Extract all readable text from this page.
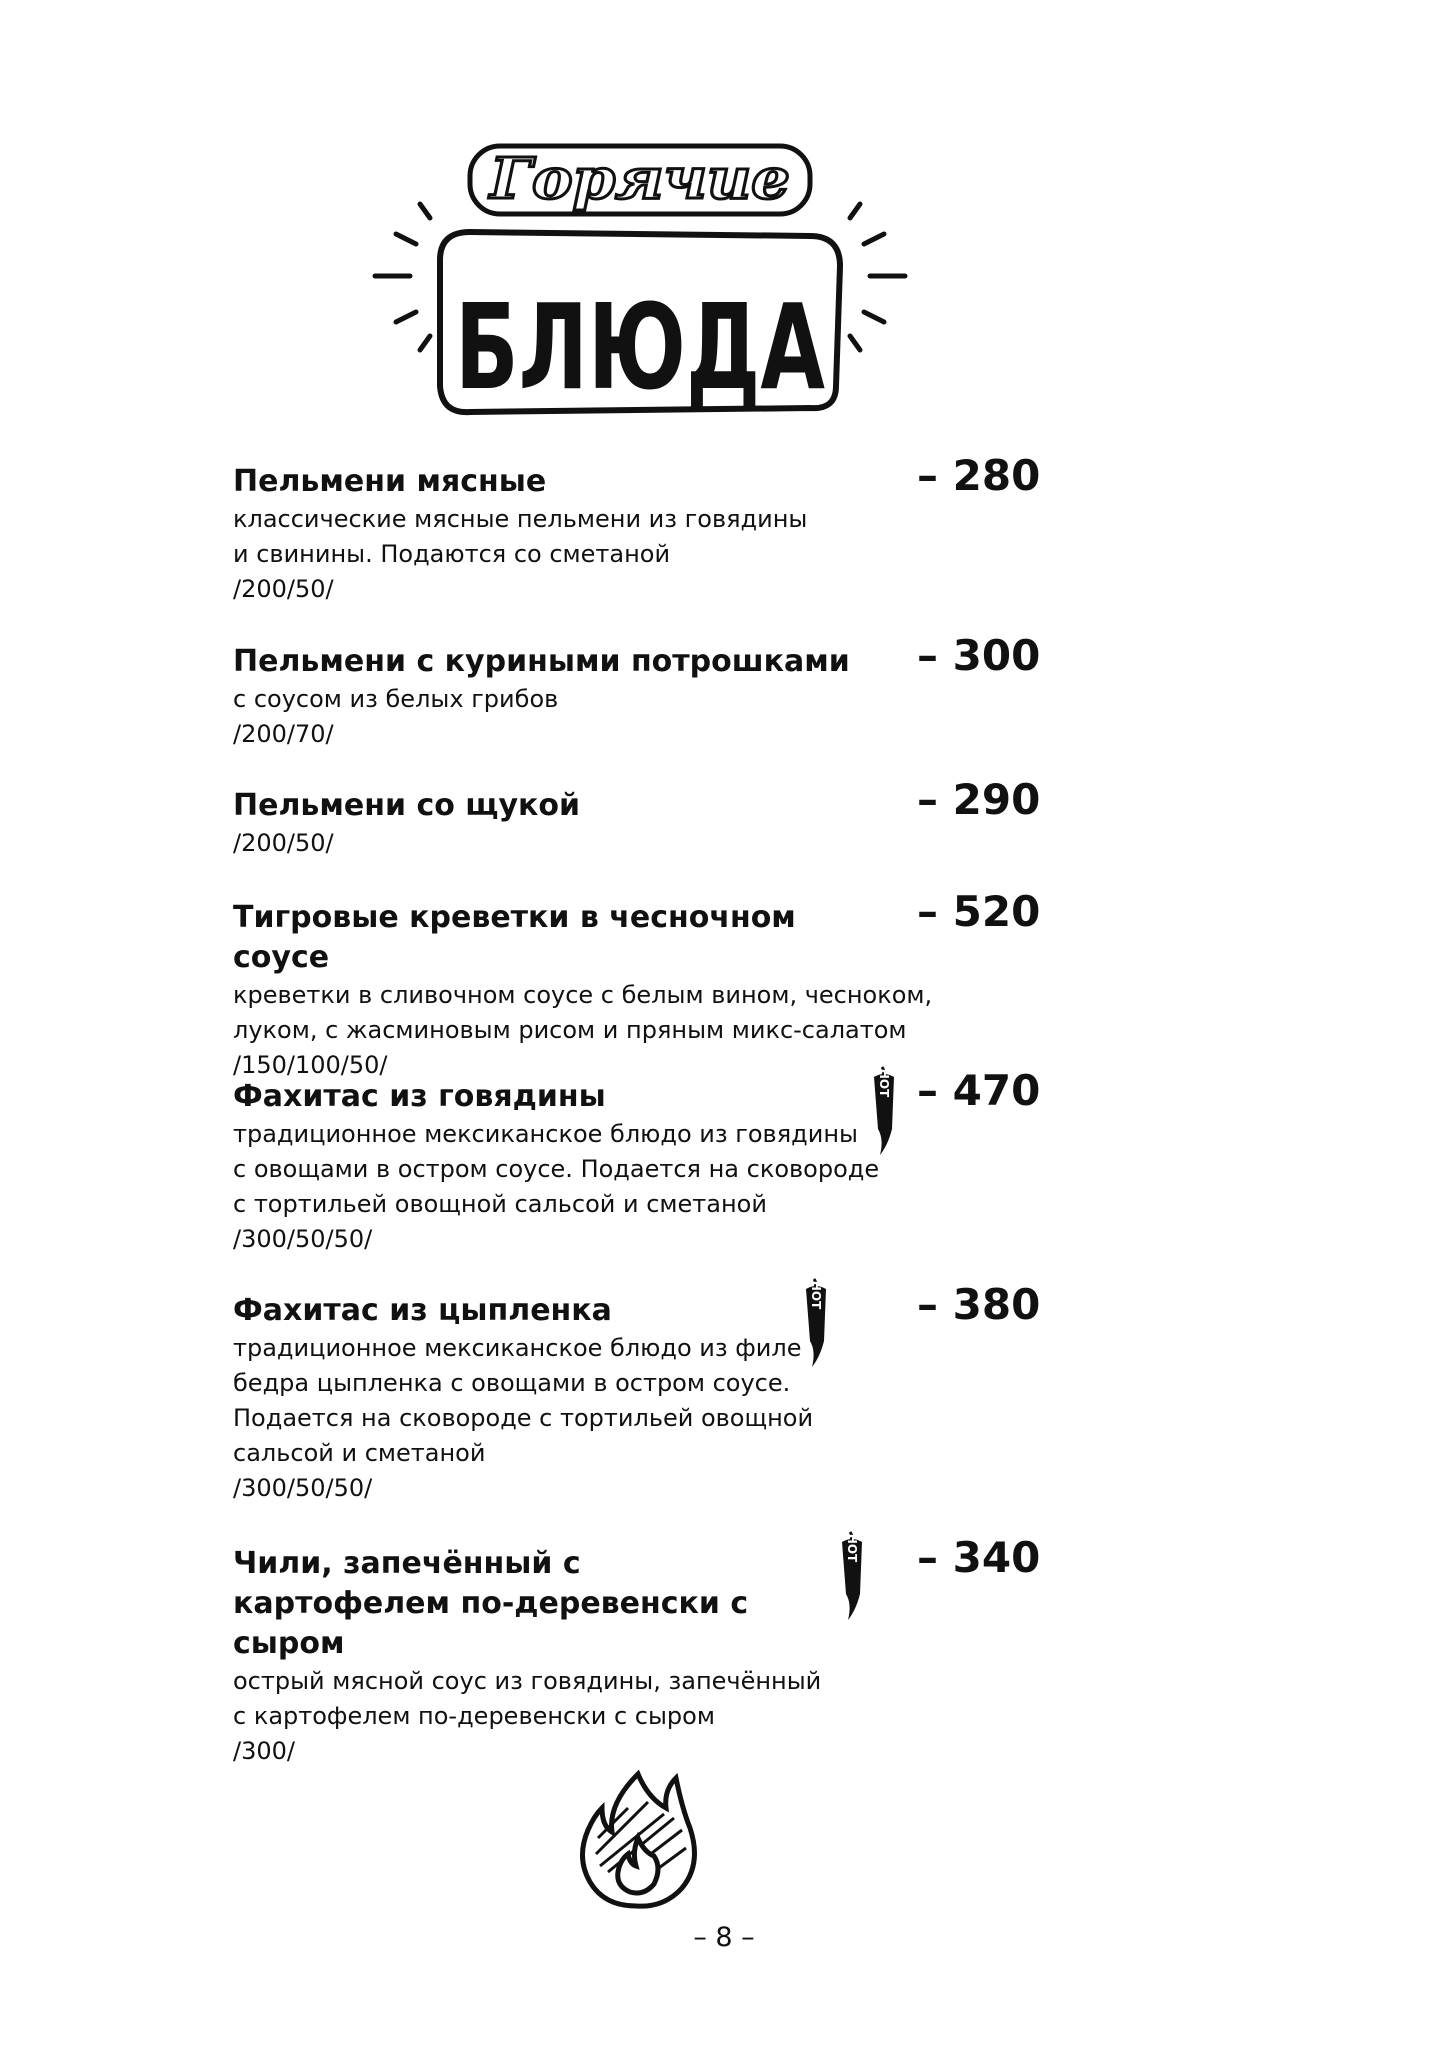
БЛЮДА
Горячие
Пельмени мясные
классические мясные пельмени из говядины
и свинины. Подаются со сметаной
/200/50/
– 280
Пельмени с куриными потрошками
с соусом из белых грибов
/200/70/
– 300
Пельмени со щукой
/200/50/
– 290
Тигровые креветки в чесночном соусе
креветки в сливочном соусе с белым вином, чесноком,
луком, с жасминовым рисом и пряным микс-салатом
/150/100/50/
– 520
Фахитас из говядины
традиционное мексиканское блюдо из говядины
с овощами в остром соусе. Подается на сковороде
с тортильей овощной сальсой и сметаной
/300/50/50/
– 470
HOT
Фахитас из цыпленка
традиционное мексиканское блюдо из филе
бедра цыпленка с овощами в остром соусе.
Подается на сковороде с тортильей овощной
сальсой и сметаной
/300/50/50/
– 380
HOT
Чили, запечённый с картофелем по-деревенски с сыром
острый мясной соус из говядины, запечённый
с картофелем по-деревенски с сыром
/300/
– 340
HOT
– 8 –
